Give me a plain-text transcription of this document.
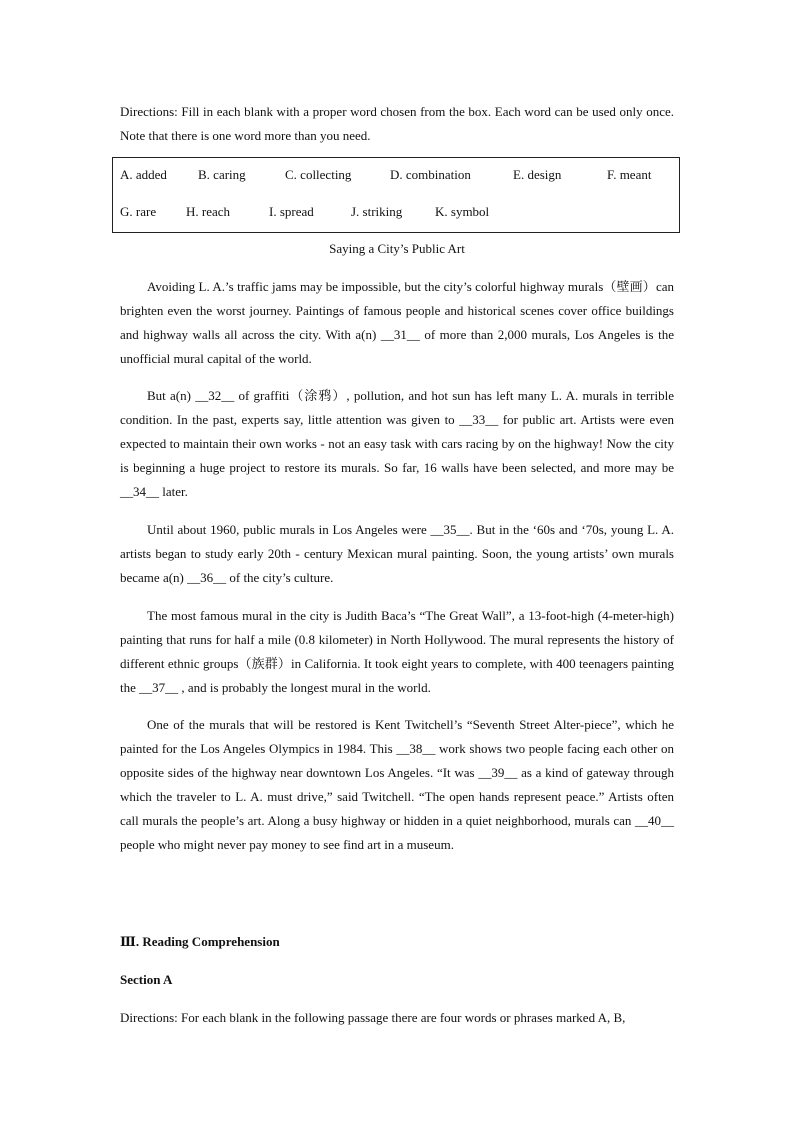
Directions: Fill in each blank with a proper word chosen from the box. Each word can be used only once. Note that there is one word more than you need.

A. added B. caring	C. collecting	D. combination	E. design	F. meant
G. rare H. reach	I. spread	J. striking	K. symbol
Saying a City’s Public Art

Avoiding L. A.’s traffic jams may be impossible, but the city’s colorful highway murals（壁画）can brighten even the worst journey. Paintings of famous people and historical scenes cover office buildings and highway walls all across the city. With a(n) __31__ of more than 2,000 murals, Los Angeles is the unofficial mural capital of the world.

But a(n) __32__ of graffiti（涂鸦）, pollution, and hot sun has left many L. A. murals in terrible condition. In the past, experts say, little attention was given to __33__ for public art. Artists were even expected to maintain their own works - not an easy task with cars racing by on the highway! Now the city is beginning a huge project to restore its murals. So far, 16 walls have been selected, and more may be __34__ later.

Until about 1960, public murals in Los Angeles were __35__. But in the ‘60s and ‘70s, young L. A. artists began to study early 20th - century Mexican mural painting. Soon, the young artists’ own murals became a(n) __36__ of the city’s culture.

The most famous mural in the city is Judith Baca’s “The Great Wall”, a 13-foot-high (4-meter-high) painting that runs for half a mile (0.8 kilometer) in North Hollywood. The mural represents the history of different ethnic groups（族群）in California. It took eight years to complete, with 400 teenagers painting the __37__ , and is probably the longest mural in the world.

One of the murals that will be restored is Kent Twitchell’s “Seventh Street Alter-piece”, which he painted for the Los Angeles Olympics in 1984. This __38__ work shows two people facing each other on opposite sides of the highway near downtown Los Angeles. “It was __39__ as a kind of gateway through which the traveler to L. A. must drive,” said Twitchell. “The open hands represent peace.” Artists often call murals the people’s art. Along a busy highway or hidden in a quiet neighborhood, murals can __40__ people who might never pay money to see find art in a museum.

Ⅲ. Reading Comprehension
Section A

Directions: For each blank in the following passage there are four words or phrases marked A, B,
